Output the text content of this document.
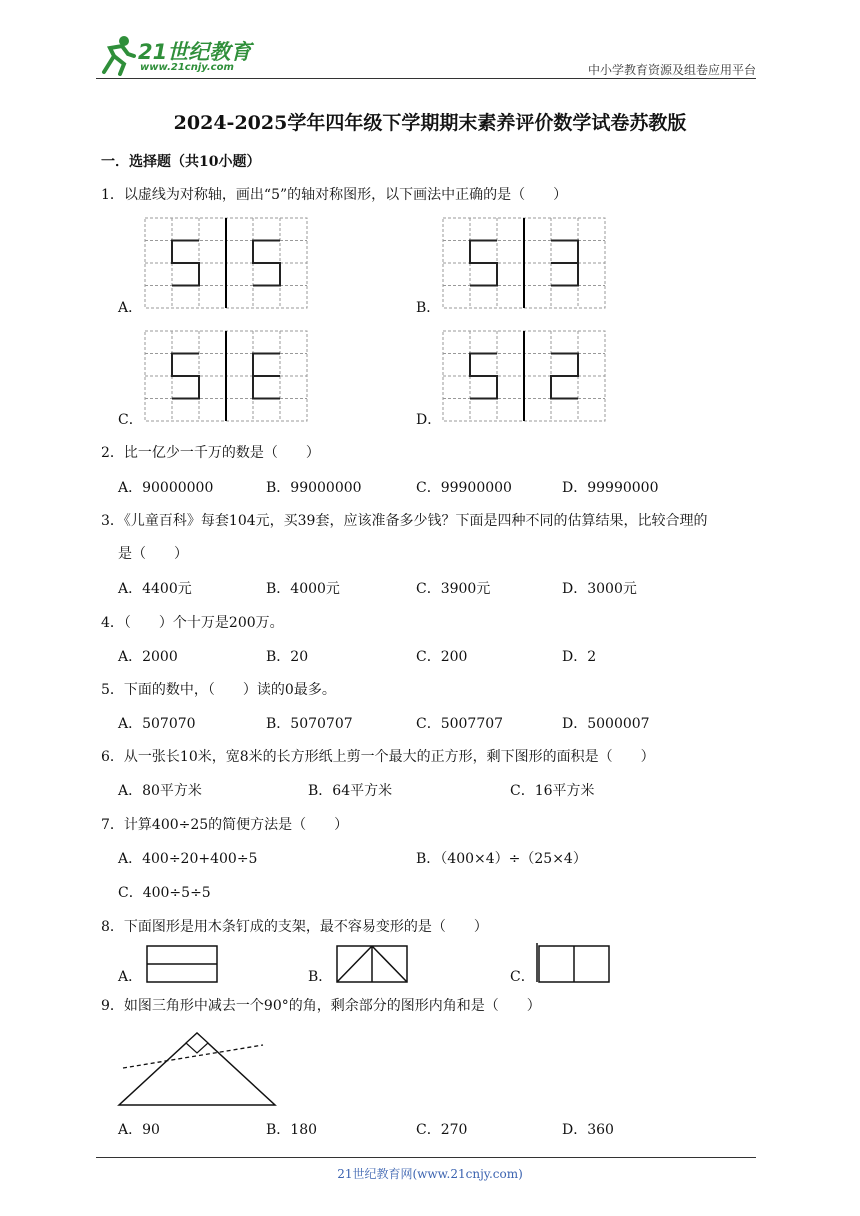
21世纪教育
www.21cnjy.com	中小学教育资源及组卷应用平台
2024-2025学年四年级下学期期末素养评价数学试卷苏教版
一．选择题（共10小题）
1．以虚线为对称轴，画出“5”的轴对称图形，以下画法中正确的是（　　）
A．	B．
C．	D．
2．比一亿少一千万的数是（　　）
A．90000000	B．99000000	C．99900000	D．99990000
3．《儿童百科》每套104元，买39套，应该准备多少钱？下面是四种不同的估算结果，比较合理的
是（　　）
A．4400元	B．4000元	C．3900元	D．3000元
4．（　　）个十万是200万。
A．2000	B．20	C．200	D．2
5．下面的数中，（　　）读的0最多。
A．507070	B．5070707	C．5007707	D．5000007
6．从一张长10米，宽8米的长方形纸上剪一个最大的正方形，剩下图形的面积是（　　）
A．80平方米	B．64平方米	C．16平方米
7．计算400÷25的简便方法是（　　）
A．400÷20+400÷5	B．（400×4）÷（25×4）
C．400÷5÷5
8．下面图形是用木条钉成的支架，最不容易变形的是（　　）
A．	B．	C．
9．如图三角形中减去一个90°的角，剩余部分的图形内角和是（　　）
A．90	B．180	C．270	D．360
21世纪教育网(www.21cnjy.com)
